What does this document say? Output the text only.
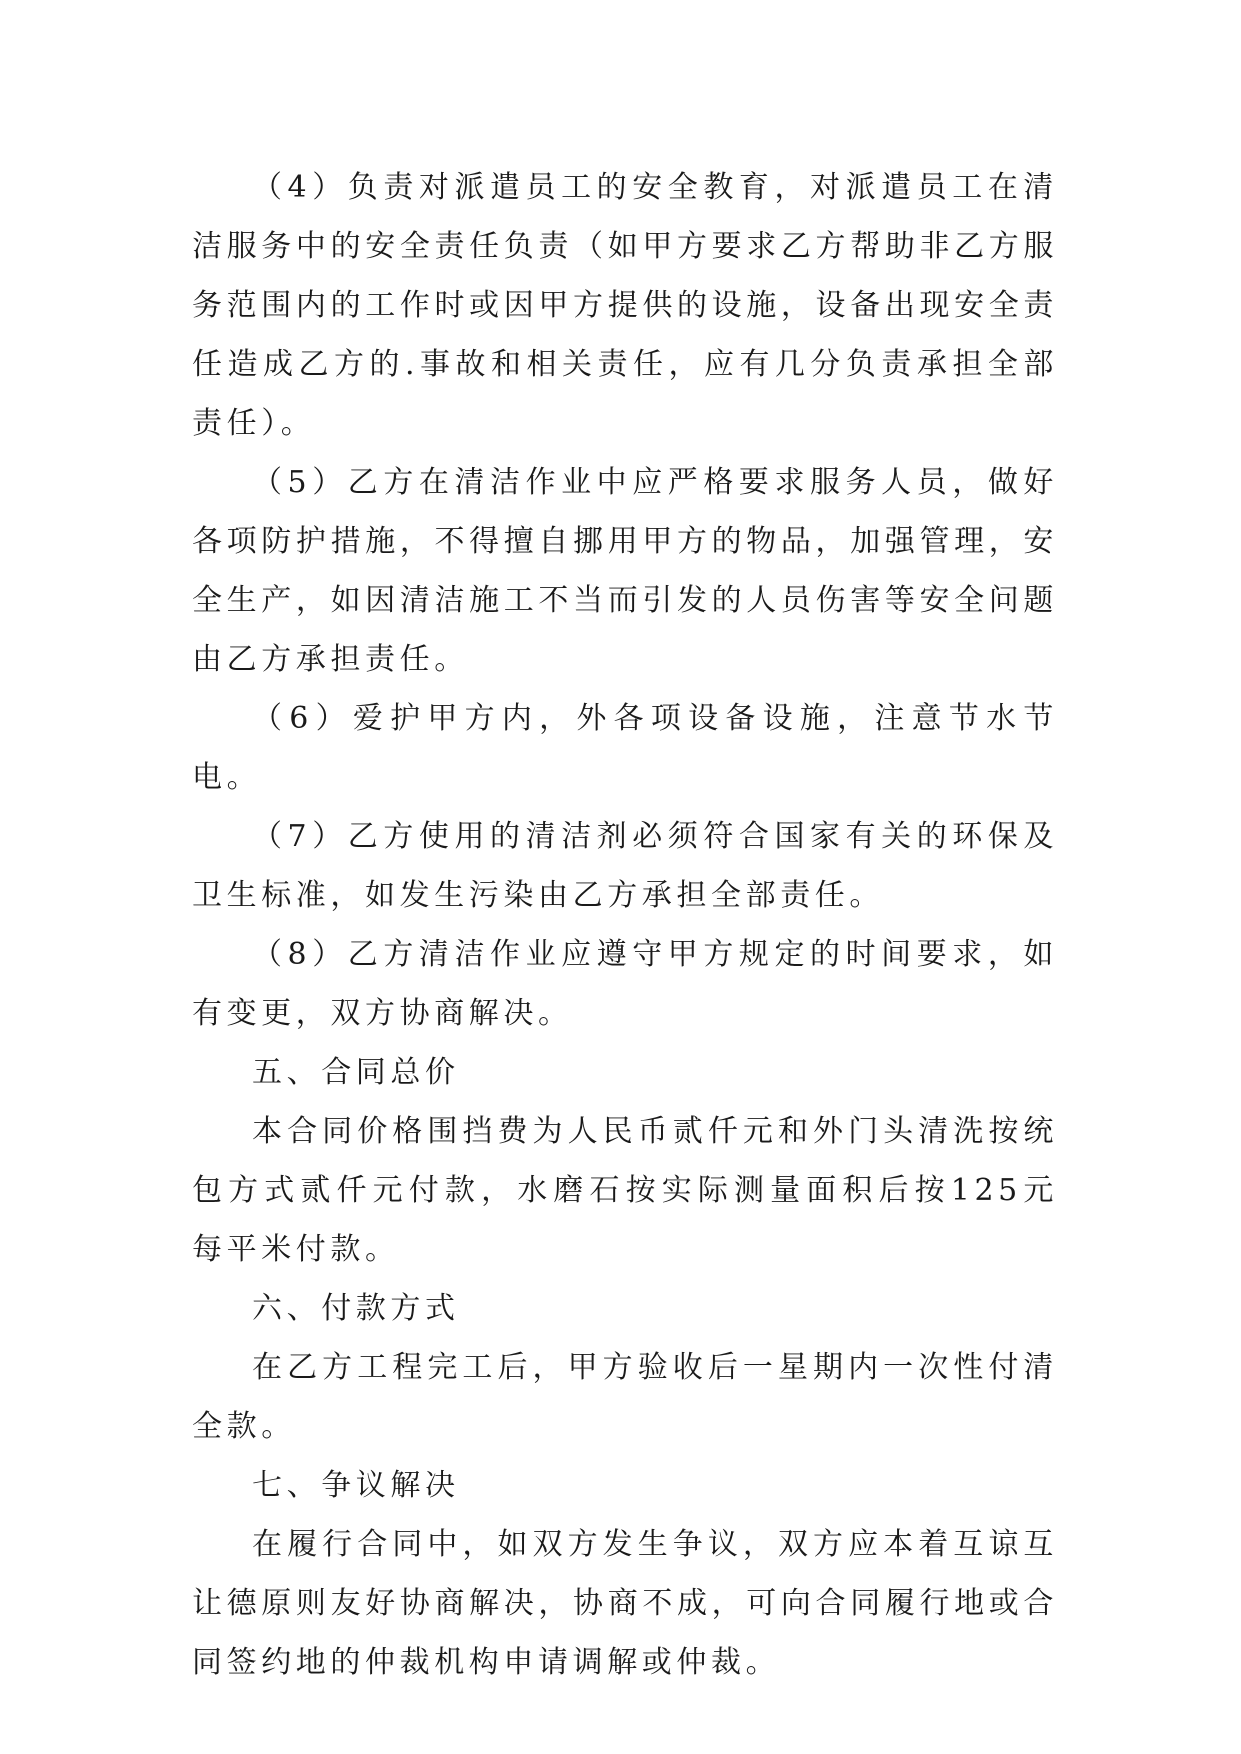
（4）负责对派遣员工的安全教育，对派遣员工在清洁服务中的安全责任负责（如甲方要求乙方帮助非乙方服务范围内的工作时或因甲方提供的设施，设备出现安全责任造成乙方的.事故和相关责任，应有几分负责承担全部责任）。

（5）乙方在清洁作业中应严格要求服务人员，做好各项防护措施，不得擅自挪用甲方的物品，加强管理，安全生产，如因清洁施工不当而引发的人员伤害等安全问题由乙方承担责任。

（6）爱护甲方内，外各项设备设施，注意节水节电。

（7）乙方使用的清洁剂必须符合国家有关的环保及卫生标准，如发生污染由乙方承担全部责任。

（8）乙方清洁作业应遵守甲方规定的时间要求，如有变更，双方协商解决。

五、合同总价

本合同价格围挡费为人民币贰仟元和外门头清洗按统包方式贰仟元付款，水磨石按实际测量面积后按125元每平米付款。

六、付款方式

在乙方工程完工后，甲方验收后一星期内一次性付清全款。

七、争议解决

在履行合同中，如双方发生争议，双方应本着互谅互让德原则友好协商解决，协商不成，可向合同履行地或合同签约地的仲裁机构申请调解或仲裁。
